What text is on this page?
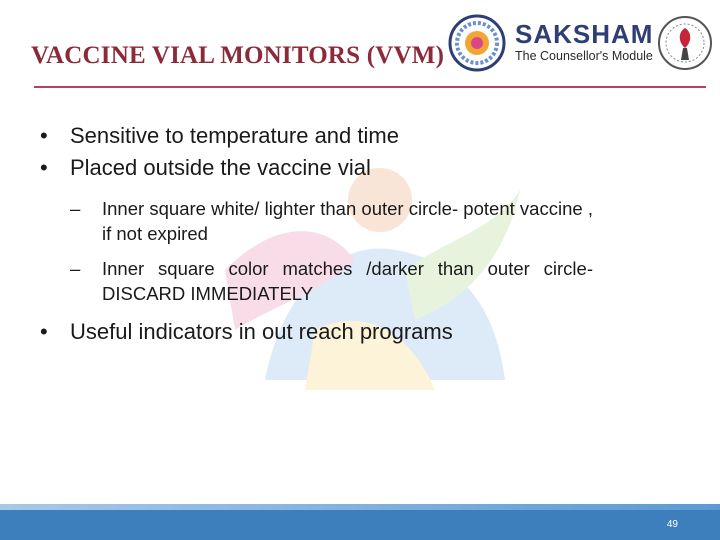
VACCINE VIAL MONITORS (VVM)
SAKSHAM
The Counsellor's Module
• Sensitive to temperature and time
• Placed outside the vaccine vial
– Inner square white/ lighter than outer circle- potent vaccine , if not expired
– Inner square color matches /darker than outer circle- DISCARD IMMEDIATELY
• Useful indicators in out reach programs
49
